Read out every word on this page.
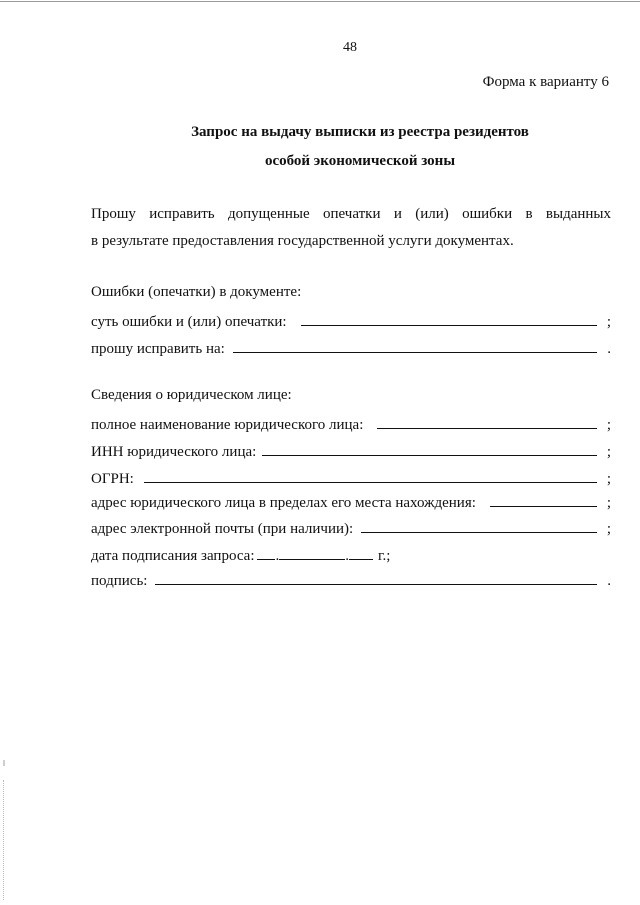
48
Форма к варианту 6
Запрос на выдачу выписки из реестра резидентов
особой экономической зоны
Прошу исправить допущенные опечатки и (или) ошибки в выданных
в результате предоставления государственной услуги документах.
Ошибки (опечатки) в документе:
суть ошибки и (или) опечатки:	;
прошу исправить на:	.
Сведения о юридическом лице:
полное наименование юридического лица:	;
ИНН юридического лица:	;
ОГРН:	;
адрес юридического лица в пределах его места нахождения:	;
адрес электронной почты (при наличии):	;
дата подписания запроса: .	. г.;
подпись:	.
